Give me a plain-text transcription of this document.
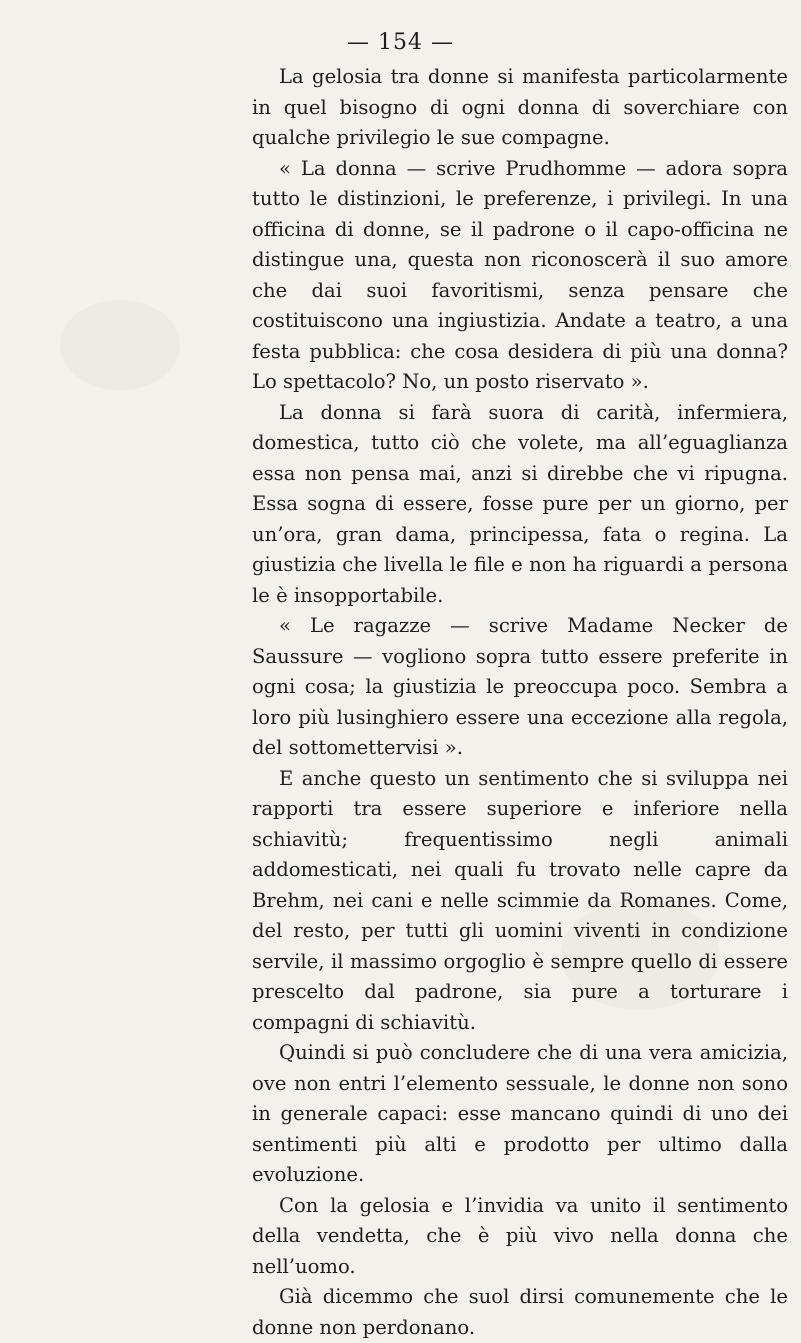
— 154 —

La gelosia tra donne si manifesta particolarmente in quel bisogno di ogni donna di soverchiare con qualche privilegio le sue compagne.

« La donna — scrive Prudhomme — adora sopra tutto le distinzioni, le preferenze, i privilegi. In una officina di donne, se il padrone o il capo-officina ne distingue una, questa non riconoscerà il suo amore che dai suoi favoritismi, senza pensare che costituiscono una ingiustizia. Andate a teatro, a una festa pubblica: che cosa desidera di più una donna? Lo spettacolo? No, un posto riservato ».

La donna si farà suora di carità, infermiera, domestica, tutto ciò che volete, ma all’eguaglianza essa non pensa mai, anzi si direbbe che vi ripugna. Essa sogna di essere, fosse pure per un giorno, per un’ora, gran dama, principessa, fata o regina. La giustizia che livella le file e non ha riguardi a persona le è insopportabile.

« Le ragazze — scrive Madame Necker de Saussure — vogliono sopra tutto essere preferite in ogni cosa; la giustizia le preoccupa poco. Sembra a loro più lusinghiero essere una eccezione alla regola, del sottomettervisi ».

E anche questo un sentimento che si sviluppa nei rapporti tra essere superiore e inferiore nella schiavitù; frequentissimo negli animali addomesticati, nei quali fu trovato nelle capre da Brehm, nei cani e nelle scimmie da Romanes. Come, del resto, per tutti gli uomini viventi in condizione servile, il massimo orgoglio è sempre quello di essere prescelto dal padrone, sia pure a torturare i compagni di schiavitù.

Quindi si può concludere che di una vera amicizia, ove non entri l’elemento sessuale, le donne non sono in generale capaci: esse mancano quindi di uno dei sentimenti più alti e prodotto per ultimo dalla evoluzione.

Con la gelosia e l’invidia va unito il sentimento della vendetta, che è più vivo nella donna che nell’uomo.

Già dicemmo che suol dirsi comunemente che le donne non perdonano.
